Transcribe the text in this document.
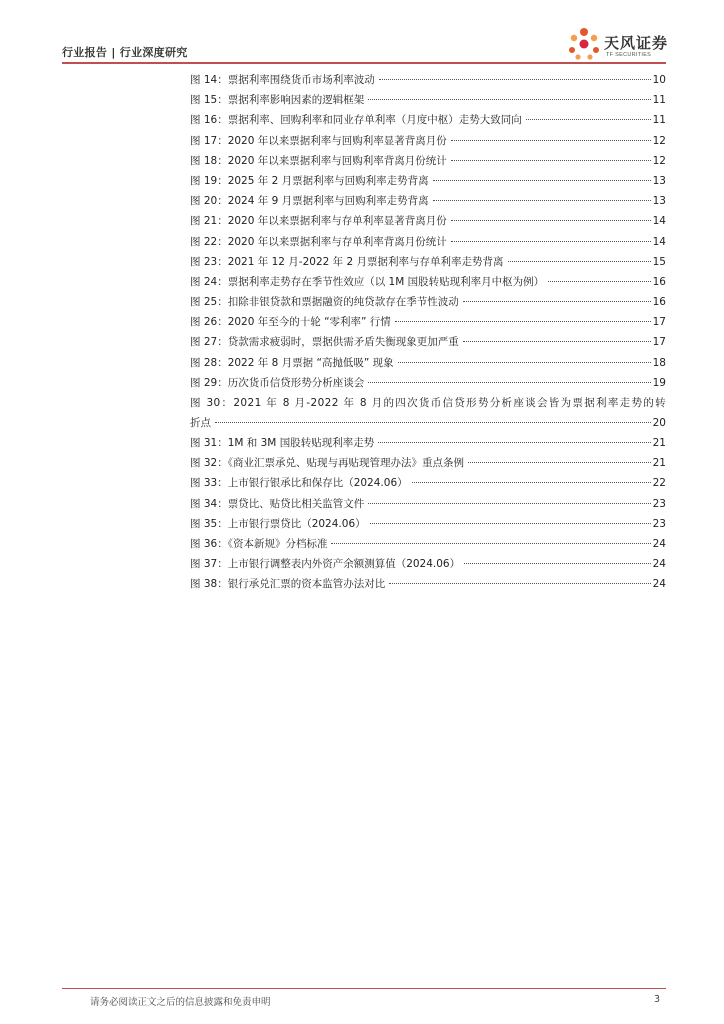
行业报告 | 行业深度研究
天风证券
TF SECURITIES
图 14：票据利率围绕货币市场利率波动	10
图 15：票据利率影响因素的逻辑框架	11
图 16：票据利率、回购利率和同业存单利率（月度中枢）走势大致同向	11
图 17：2020 年以来票据利率与回购利率显著背离月份	12
图 18：2020 年以来票据利率与回购利率背离月份统计	12
图 19：2025 年 2 月票据利率与回购利率走势背离	13
图 20：2024 年 9 月票据利率与回购利率走势背离	13
图 21：2020 年以来票据利率与存单利率显著背离月份	14
图 22：2020 年以来票据利率与存单利率背离月份统计	14
图 23：2021 年 12 月-2022 年 2 月票据利率与存单利率走势背离	15
图 24：票据利率走势存在季节性效应（以 1M 国股转贴现利率月中枢为例）	16
图 25：扣除非银贷款和票据融资的纯贷款存在季节性波动	16
图 26：2020 年至今的十轮 “零利率” 行情	17
图 27：贷款需求疲弱时，票据供需矛盾失衡现象更加严重	17
图 28：2022 年 8 月票据 “高抛低吸” 现象	18
图 29：历次货币信贷形势分析座谈会	19
图 30：2021 年 8 月-2022 年 8 月的四次货币信贷形势分析座谈会皆为票据利率走势的转
折点	20
图 31：1M 和 3M 国股转贴现利率走势	21
图 32：《商业汇票承兑、贴现与再贴现管理办法》重点条例	21
图 33：上市银行银承比和保存比（2024.06）	22
图 34：票贷比、贴贷比相关监管文件	23
图 35：上市银行票贷比（2024.06）	23
图 36：《资本新规》分档标准	24
图 37：上市银行调整表内外资产余额测算值（2024.06）	24
图 38：银行承兑汇票的资本监管办法对比	24
请务必阅读正文之后的信息披露和免责申明	3
